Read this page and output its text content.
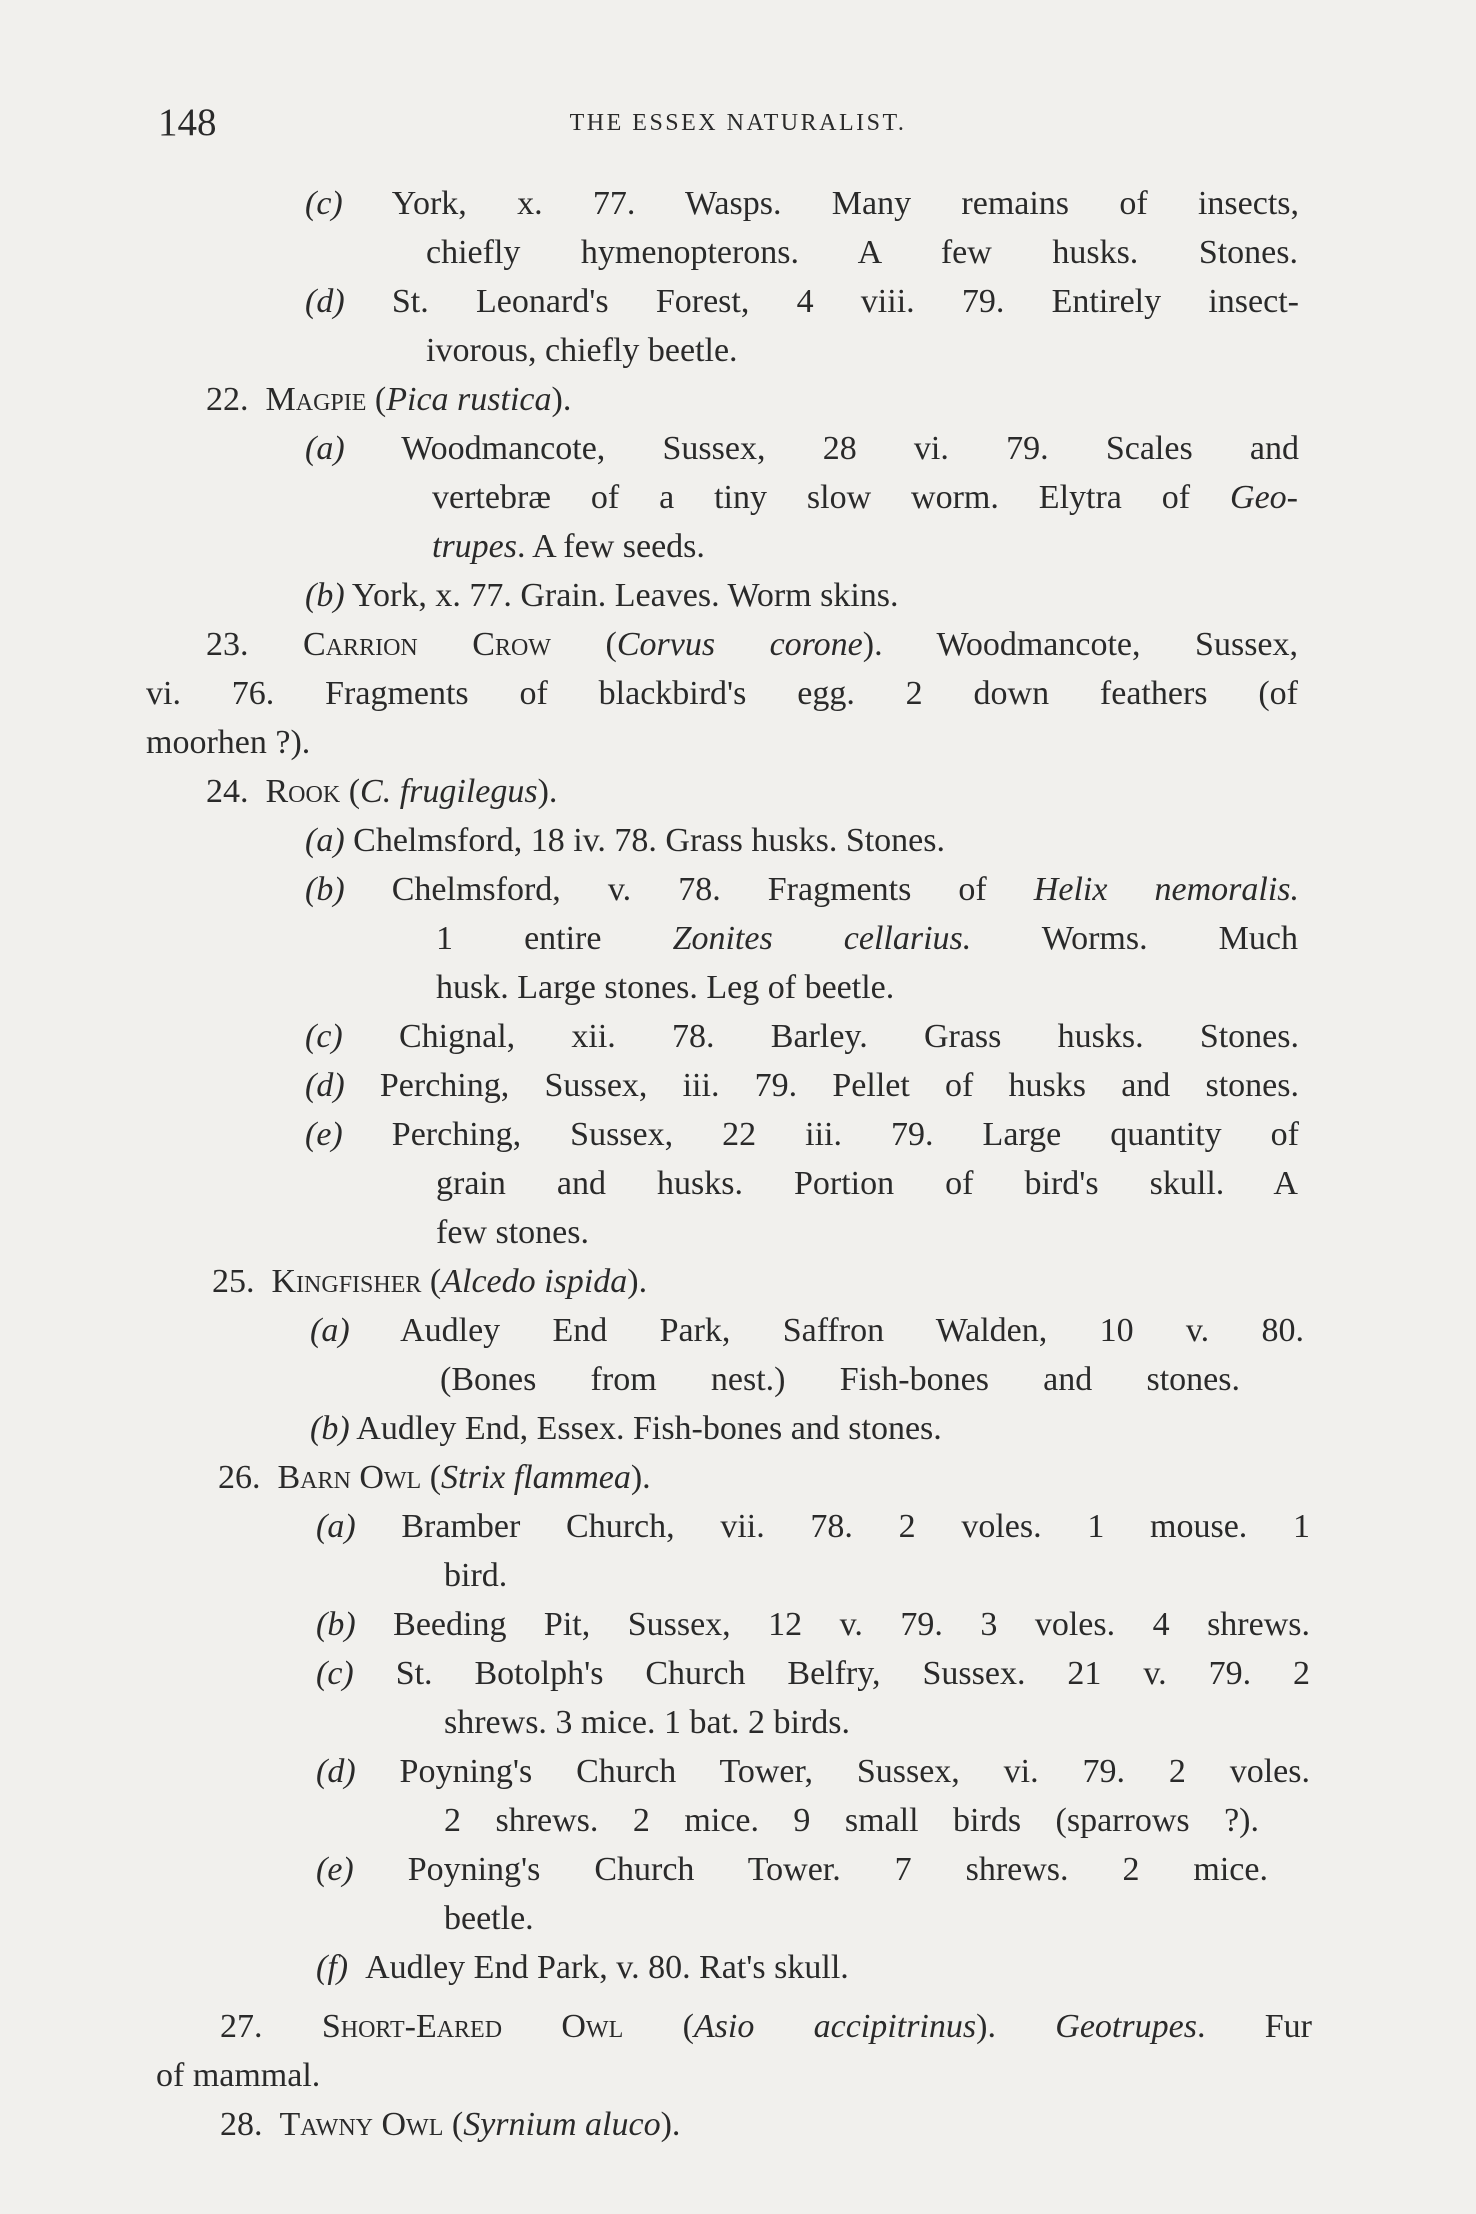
148	THE ESSEX NATURALIST.
(c) York, x. 77. Wasps. Many remains of insects,
chiefly hymenopterons. A few husks. Stones.
(d) St. Leonard's Forest, 4 viii. 79. Entirely insect-
ivorous, chiefly beetle.
22. Magpie (Pica rustica).
(a) Woodmancote, Sussex, 28 vi. 79. Scales and
vertebræ of a tiny slow worm. Elytra of Geo-
trupes. A few seeds.
(b) York, x. 77. Grain. Leaves. Worm skins.
23. Carrion Crow (Corvus corone). Woodmancote, Sussex,
vi. 76. Fragments of blackbird's egg. 2 down feathers (of
moorhen ?).
24. Rook (C. frugilegus).
(a) Chelmsford, 18 iv. 78. Grass husks. Stones.
(b) Chelmsford, v. 78. Fragments of Helix nemoralis.
1 entire Zonites cellarius. Worms. Much
husk. Large stones. Leg of beetle.
(c) Chignal, xii. 78. Barley. Grass husks. Stones.
(d) Perching, Sussex, iii. 79. Pellet of husks and stones.
(e) Perching, Sussex, 22 iii. 79. Large quantity of
grain and husks. Portion of bird's skull. A
few stones.
25. Kingfisher (Alcedo ispida).
(a) Audley End Park, Saffron Walden, 10 v. 80.
(Bones from nest.) Fish-bones and stones.
(b) Audley End, Essex. Fish-bones and stones.
26. Barn Owl (Strix flammea).
(a) Bramber Church, vii. 78. 2 voles. 1 mouse. 1
bird.
(b) Beeding Pit, Sussex, 12 v. 79. 3 voles. 4 shrews.
(c) St. Botolph's Church Belfry, Sussex. 21 v. 79. 2
shrews. 3 mice. 1 bat. 2 birds.
(d) Poyning's Church Tower, Sussex, vi. 79. 2 voles.
2 shrews. 2 mice. 9 small birds (sparrows ?).
(e) Poyning's Church Tower. 7 shrews. 2 mice.
beetle.
(f) Audley End Park, v. 80. Rat's skull.
27. Short-Eared Owl (Asio accipitrinus). Geotrupes. Fur
of mammal.
28. Tawny Owl (Syrnium aluco).
